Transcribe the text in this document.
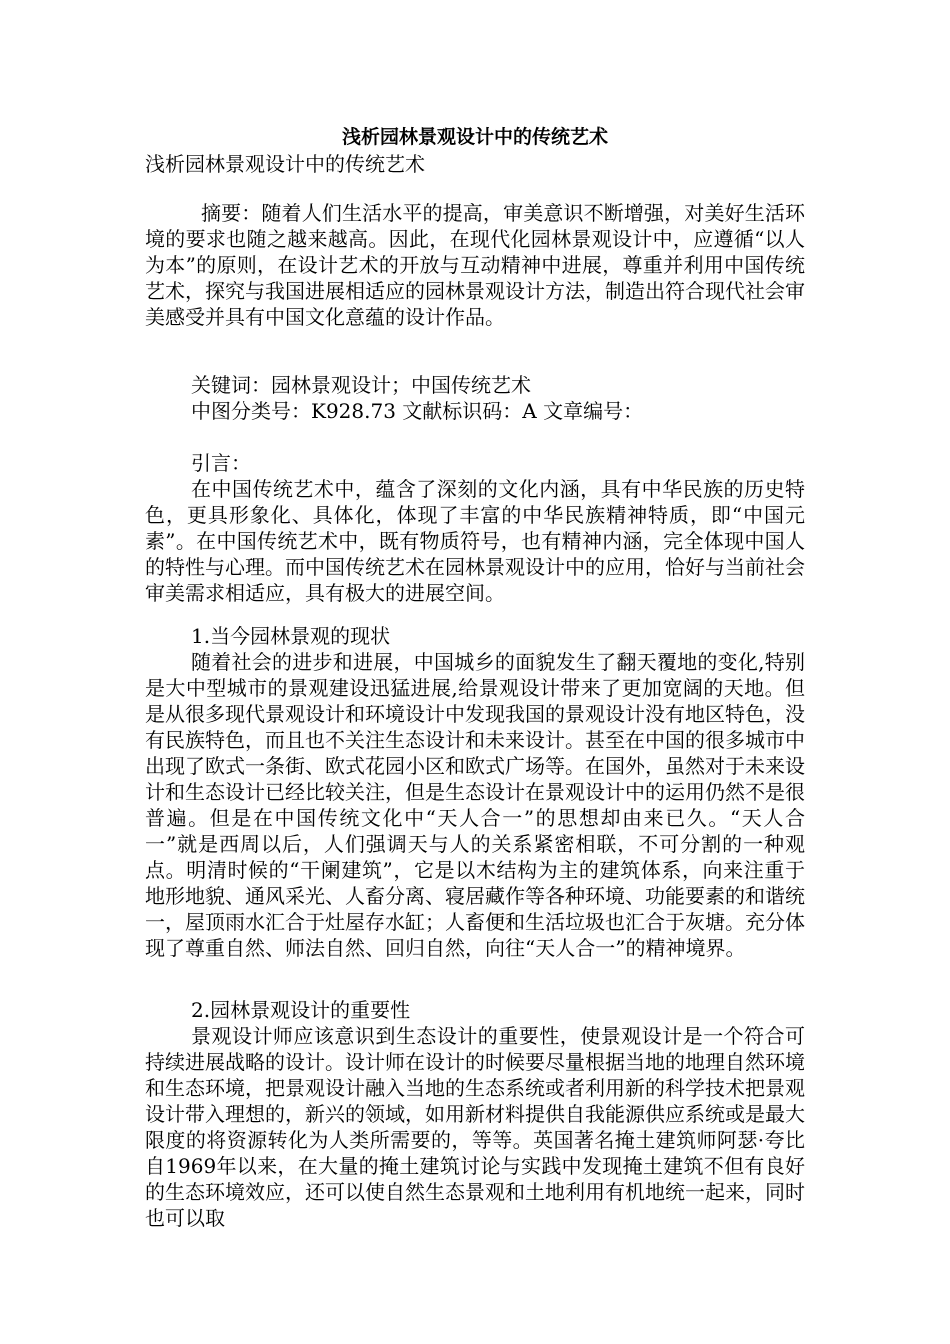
浅析园林景观设计中的传统艺术

浅析园林景观设计中的传统艺术

摘要：随着人们生活水平的提高，审美意识不断增强，对美好生活环境的要求也随之越来越高。因此，在现代化园林景观设计中，应遵循“以人为本”的原则，在设计艺术的开放与互动精神中进展，尊重并利用中国传统艺术，探究与我国进展相适应的园林景观设计方法，制造出符合现代社会审美感受并具有中国文化意蕴的设计作品。

关键词：园林景观设计；中国传统艺术

中图分类号：K928.73 文献标识码：A 文章编号：

引言：

在中国传统艺术中，蕴含了深刻的文化内涵，具有中华民族的历史特色，更具形象化、具体化，体现了丰富的中华民族精神特质，即“中国元素”。在中国传统艺术中，既有物质符号，也有精神内涵，完全体现中国人的特性与心理。而中国传统艺术在园林景观设计中的应用，恰好与当前社会审美需求相适应，具有极大的进展空间。

1.当今园林景观的现状

随着社会的进步和进展，中国城乡的面貌发生了翻天覆地的变化,特别是大中型城市的景观建设迅猛进展,给景观设计带来了更加宽阔的天地。但是从很多现代景观设计和环境设计中发现我国的景观设计没有地区特色，没有民族特色，而且也不关注生态设计和未来设计。甚至在中国的很多城市中出现了欧式一条街、欧式花园小区和欧式广场等。在国外，虽然对于未来设计和生态设计已经比较关注，但是生态设计在景观设计中的运用仍然不是很普遍。但是在中国传统文化中“天人合一”的思想却由来已久。“天人合一”就是西周以后，人们强调天与人的关系紧密相联，不可分割的一种观点。明清时候的“干阑建筑”，它是以木结构为主的建筑体系，向来注重于地形地貌、通风采光、人畜分离、寝居藏作等各种环境、功能要素的和谐统一，屋顶雨水汇合于灶屋存水缸；人畜便和生活垃圾也汇合于灰塘。充分体现了尊重自然、师法自然、回归自然，向往“天人合一”的精神境界。

2.园林景观设计的重要性

景观设计师应该意识到生态设计的重要性，使景观设计是一个符合可持续进展战略的设计。设计师在设计的时候要尽量根据当地的地理自然环境和生态环境，把景观设计融入当地的生态系统或者利用新的科学技术把景观设计带入理想的，新兴的领域，如用新材料提供自我能源供应系统或是最大限度的将资源转化为人类所需要的，等等。英国著名掩土建筑师阿瑟·夸比自1969年以来，在大量的掩土建筑讨论与实践中发现掩土建筑不但有良好的生态环境效应，还可以使自然生态景观和土地利用有机地统一起来，同时也可以取
